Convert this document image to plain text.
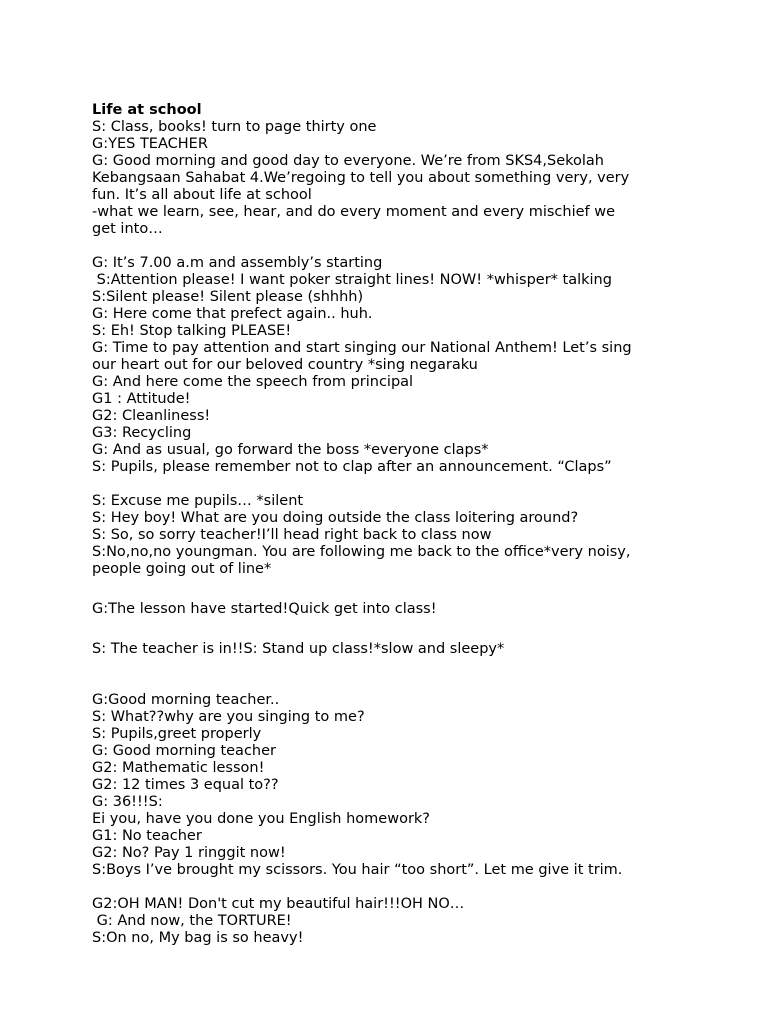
Life at school
S: Class, books! turn to page thirty one
G:YES TEACHER
G: Good morning and good day to everyone. We’re from SKS4,Sekolah
Kebangsaan Sahabat 4.We’regoing to tell you about something very, very
fun. It’s all about life at school
-what we learn, see, hear, and do every moment and every mischief we
get into…
G: It’s 7.00 a.m and assembly’s starting
S:Attention please! I want poker straight lines! NOW! *whisper* talking
S:Silent please! Silent please (shhhh)
G: Here come that prefect again.. huh.
S: Eh! Stop talking PLEASE!
G: Time to pay attention and start singing our National Anthem! Let’s sing
our heart out for our beloved country *sing negaraku
G: And here come the speech from principal
G1 : Attitude!
G2: Cleanliness!
G3: Recycling
G: And as usual, go forward the boss *everyone claps*
S: Pupils, please remember not to clap after an announcement. “Claps”
S: Excuse me pupils… *silent
S: Hey boy! What are you doing outside the class loitering around?
S: So, so sorry teacher!I’ll head right back to class now
S:No,no,no youngman. You are following me back to the office*very noisy,
people going out of line*
G:The lesson have started!Quick get into class!
S: The teacher is in!!S: Stand up class!*slow and sleepy*
G:Good morning teacher..
S: What??why are you singing to me?
S: Pupils,greet properly
G: Good morning teacher
G2: Mathematic lesson!
G2: 12 times 3 equal to??
G: 36!!!S:
Ei you, have you done you English homework?
G1: No teacher
G2: No? Pay 1 ringgit now!
S:Boys I’ve brought my scissors. You hair “too short”. Let me give it trim.
G2:OH MAN! Don't cut my beautiful hair!!!OH NO…
G: And now, the TORTURE!
S:On no, My bag is so heavy!
